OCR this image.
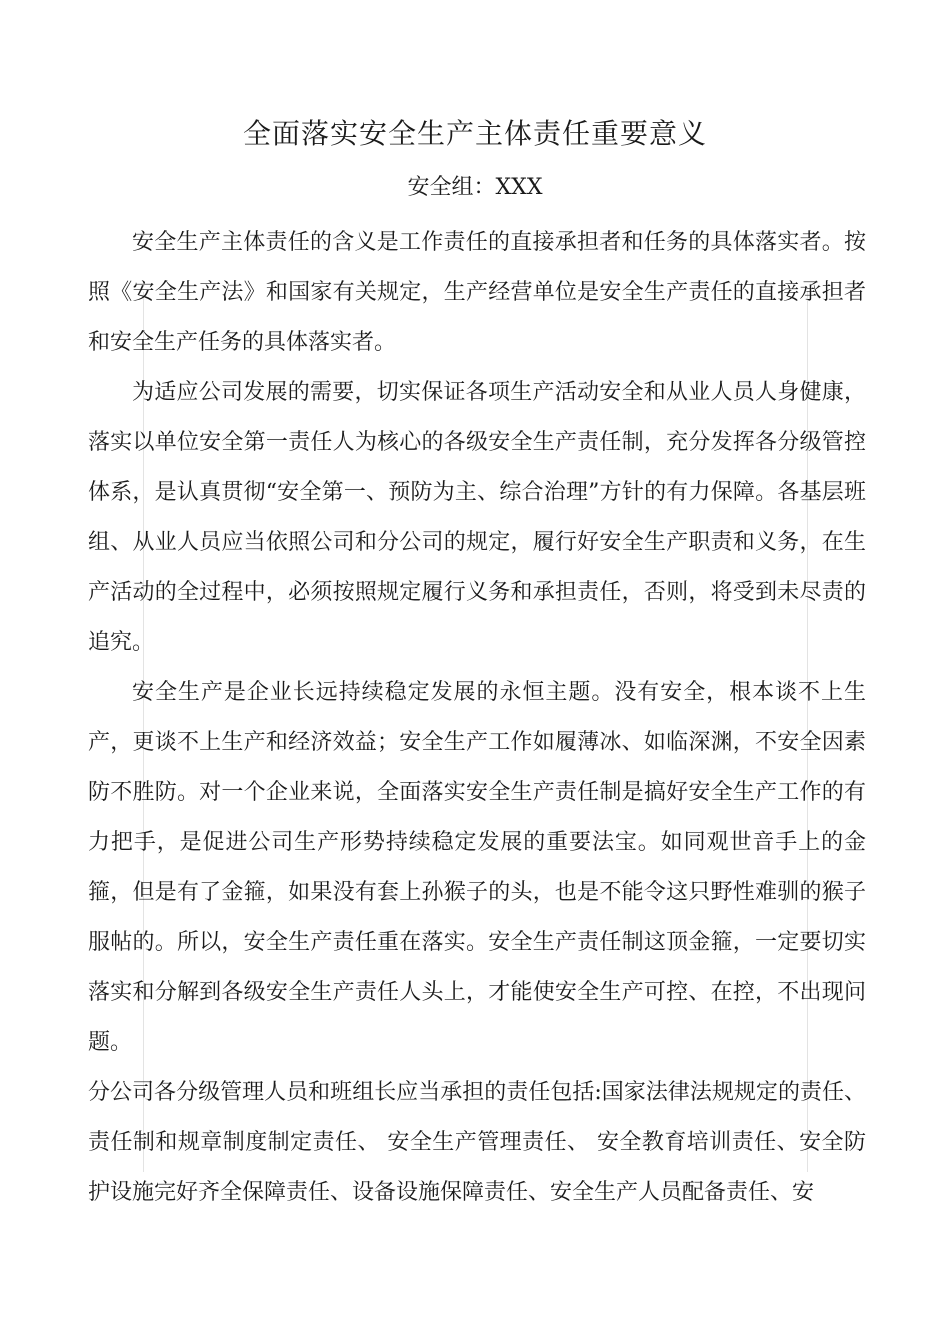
全面落实安全生产主体责任重要意义
安全组：XXX

安全生产主体责任的含义是工作责任的直接承担者和任务的具体落实者。按照《安全生产法》和国家有关规定，生产经营单位是安全生产责任的直接承担者和安全生产任务的具体落实者。

为适应公司发展的需要，切实保证各项生产活动安全和从业人员人身健康，落实以单位安全第一责任人为核心的各级安全生产责任制，充分发挥各分级管控体系，是认真贯彻“安全第一、预防为主、综合治理”方针的有力保障。各基层班组、从业人员应当依照公司和分公司的规定，履行好安全生产职责和义务，在生产活动的全过程中，必须按照规定履行义务和承担责任，否则，将受到未尽责的追究。

安全生产是企业长远持续稳定发展的永恒主题。没有安全，根本谈不上生产，更谈不上生产和经济效益；安全生产工作如履薄冰、如临深渊，不安全因素防不胜防。对一个企业来说，全面落实安全生产责任制是搞好安全生产工作的有力把手，是促进公司生产形势持续稳定发展的重要法宝。如同观世音手上的金箍，但是有了金箍，如果没有套上孙猴子的头，也是不能令这只野性难驯的猴子服帖的。所以，安全生产责任重在落实。安全生产责任制这顶金箍，一定要切实落实和分解到各级安全生产责任人头上，才能使安全生产可控、在控，不出现问题。

分公司各分级管理人员和班组长应当承担的责任包括:国家法律法规规定的责任、责任制和规章制度制定责任、 安全生产管理责任、 安全教育培训责任、安全防护设施完好齐全保障责任、设备设施保障责任、安全生产人员配备责任、安
